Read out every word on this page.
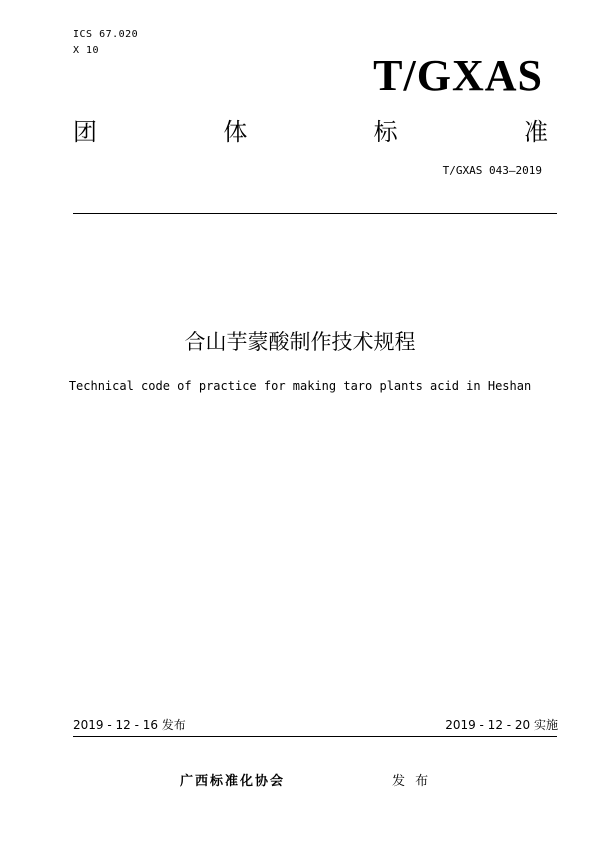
ICS 67.020
X 10
T/GXAS
团	体	标	准
T/GXAS 043—2019
合山芋蒙酸制作技术规程
Technical code of practice for making taro plants acid in Heshan
2019 - 12 - 16 发布	2019 - 12 - 20 实施
广西标准化协会	发 布
